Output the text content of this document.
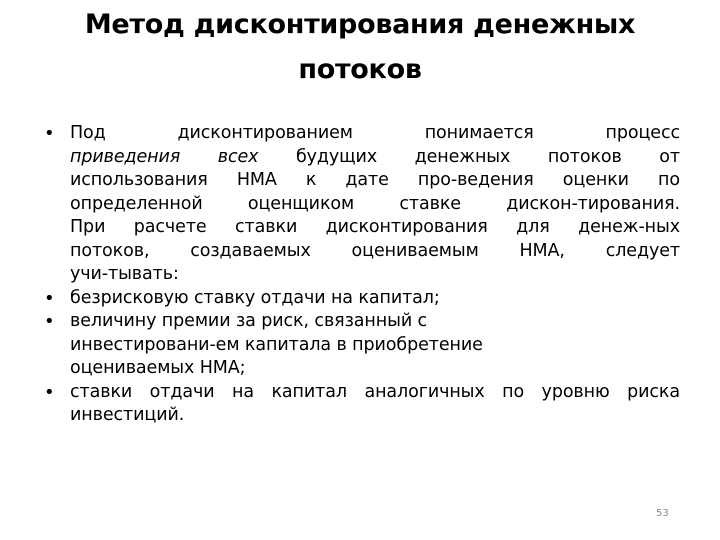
Метод дисконтирования денежных
потоков
• Под дисконтированием понимается процесс
приведения всех будущих денежных потоков от
использования НМА к дате про-ведения оценки по
определенной оценщиком ставке дискон-тирования.
При расчете ставки дисконтирования для денеж-ных
потоков, создаваемых оцениваемым НМА, следует
учи-тывать:
• безрисковую ставку отдачи на капитал;
• величину премии за риск, связанный с
инвестировани-ем капитала в приобретение
оцениваемых НМА;
• ставки отдачи на капитал аналогичных по уровню риска
инвестиций.
53
